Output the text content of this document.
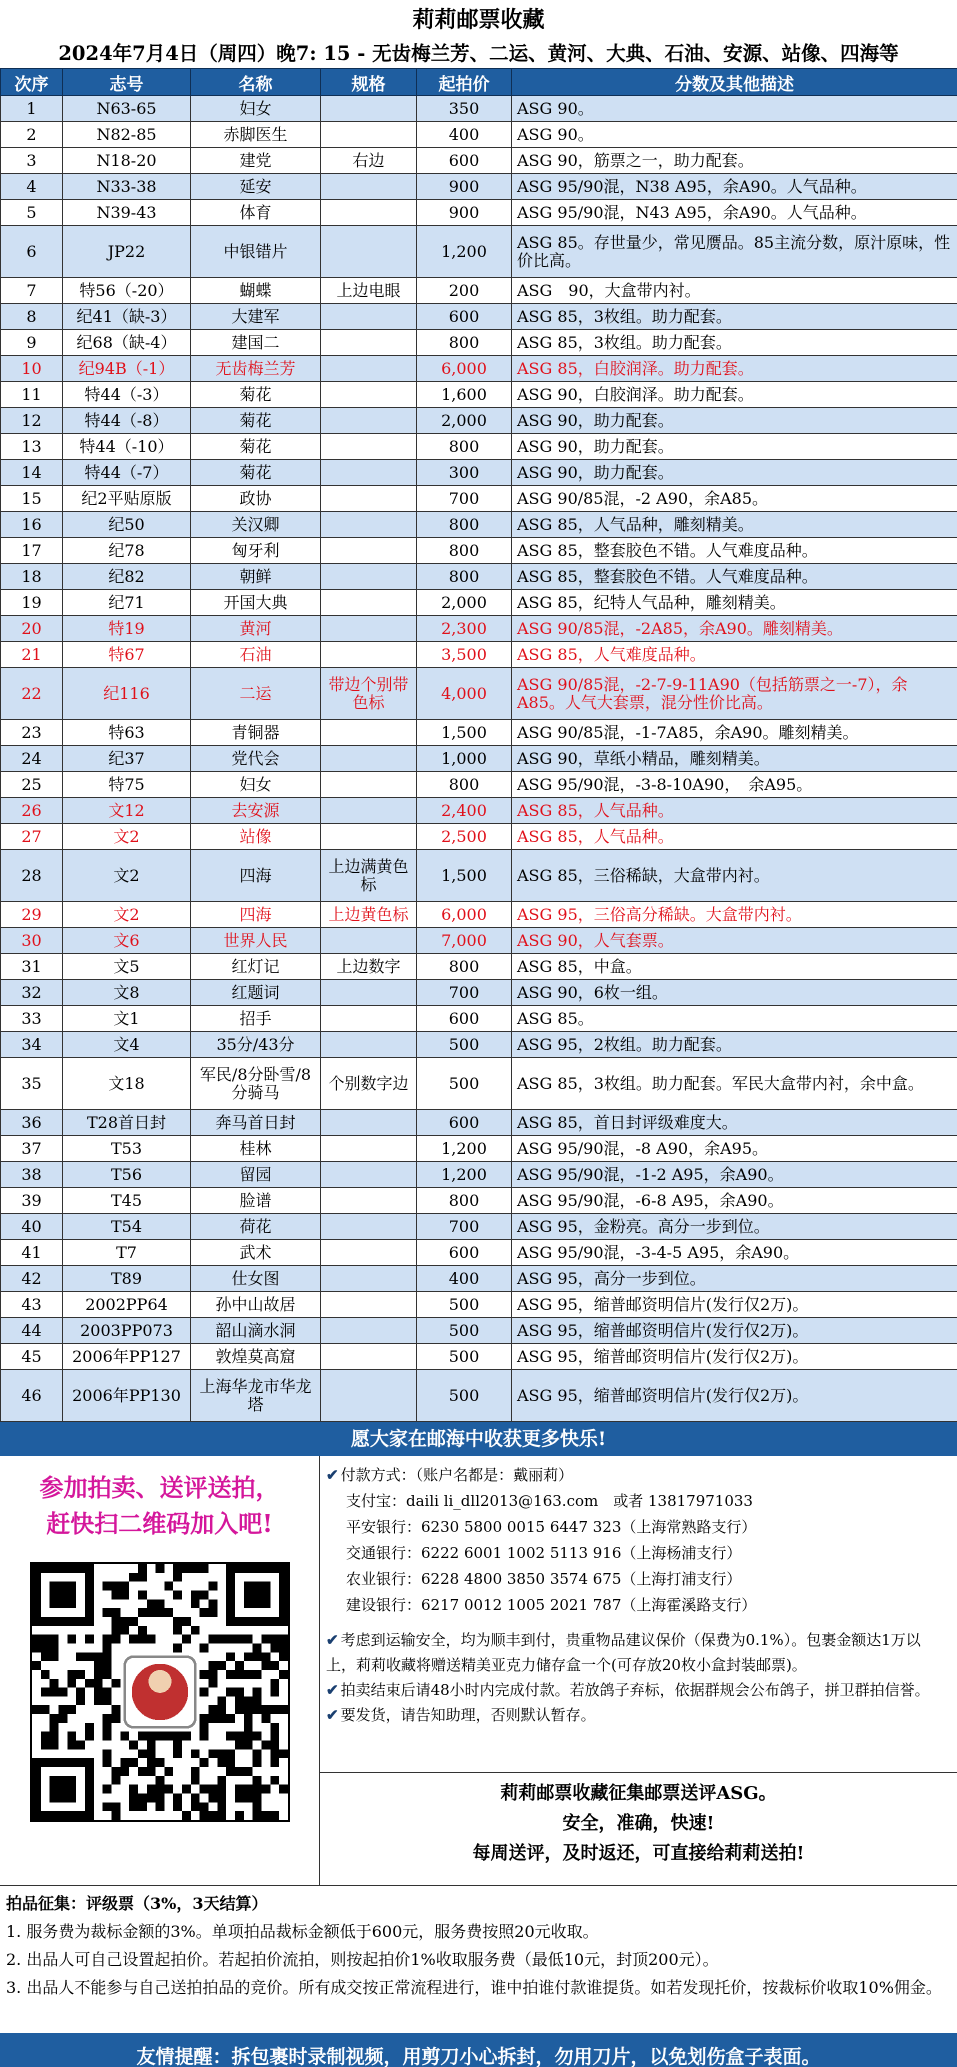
莉莉邮票收藏
2024年7月4日（周四）晚7: 15 - 无齿梅兰芳、二运、黄河、大典、石油、安源、站像、四海等
次序	志号	名称	规格	起拍价	分数及其他描述
1	N63-65	妇女		350	ASG 90。
2	N82-85	赤脚医生		400	ASG 90。
3	N18-20	建党	右边	600	ASG 90，筋票之一，助力配套。
4	N33-38	延安		900	ASG 95/90混，N38 A95，余A90。人气品种。
5	N39-43	体育		900	ASG 95/90混，N43 A95，余A90。人气品种。
6	JP22	中银错片		1,200	ASG 85。存世量少，常见赝品。85主流分数，原汁原味，性价比高。
7	特56（-20）	蝴蝶	上边电眼	200	ASG　90，大盒带内衬。
8	纪41（缺-3）	大建军		600	ASG 85，3枚组。助力配套。
9	纪68（缺-4）	建国二		800	ASG 85，3枚组。助力配套。
10	纪94B（-1）	无齿梅兰芳		6,000	ASG 85，白胶润泽。助力配套。
11	特44（-3）	菊花		1,600	ASG 90，白胶润泽。助力配套。
12	特44（-8）	菊花		2,000	ASG 90，助力配套。
13	特44（-10）	菊花		800	ASG 90，助力配套。
14	特44（-7）	菊花		300	ASG 90，助力配套。
15	纪2平贴原版	政协		700	ASG 90/85混，-2 A90，余A85。
16	纪50	关汉卿		800	ASG 85，人气品种，雕刻精美。
17	纪78	匈牙利		800	ASG 85，整套胶色不错。人气难度品种。
18	纪82	朝鲜		800	ASG 85，整套胶色不错。人气难度品种。
19	纪71	开国大典		2,000	ASG 85，纪特人气品种，雕刻精美。
20	特19	黄河		2,300	ASG 90/85混，-2A85，余A90。雕刻精美。
21	特67	石油		3,500	ASG 85，人气难度品种。
22	纪116	二运	带边个别带色标	4,000	ASG 90/85混，-2-7-9-11A90（包括筋票之一-7），余A85。人气大套票，混分性价比高。
23	特63	青铜器		1,500	ASG 90/85混，-1-7A85，余A90。雕刻精美。
24	纪37	党代会		1,000	ASG 90，草纸小精品，雕刻精美。
25	特75	妇女		800	ASG 95/90混，-3-8-10A90，　余A95。
26	文12	去安源		2,400	ASG 85，人气品种。
27	文2	站像		2,500	ASG 85，人气品种。
28	文2	四海	上边满黄色标	1,500	ASG 85，三俗稀缺，大盒带内衬。
29	文2	四海	上边黄色标	6,000	ASG 95，三俗高分稀缺。大盒带内衬。
30	文6	世界人民		7,000	ASG 90，人气套票。
31	文5	红灯记	上边数字	800	ASG 85，中盒。
32	文8	红题词		700	ASG 90，6枚一组。
33	文1	招手		600	ASG 85。
34	文4	35分/43分		500	ASG 95，2枚组。助力配套。
35	文18	军民/8分卧雪/8分骑马	个别数字边	500	ASG 85，3枚组。助力配套。军民大盒带内衬，余中盒。
36	T28首日封	奔马首日封		600	ASG 85，首日封评级难度大。
37	T53	桂林		1,200	ASG 95/90混，-8 A90，余A95。
38	T56	留园		1,200	ASG 95/90混，-1-2 A95，余A90。
39	T45	脸谱		800	ASG 95/90混，-6-8 A95，余A90。
40	T54	荷花		700	ASG 95，金粉亮。高分一步到位。
41	T7	武术		600	ASG 95/90混，-3-4-5 A95，余A90。
42	T89	仕女图		400	ASG 95，高分一步到位。
43	2002PP64	孙中山故居		500	ASG 95，缩普邮资明信片(发行仅2万)。
44	2003PP073	韶山滴水洞		500	ASG 95，缩普邮资明信片(发行仅2万)。
45	2006年PP127	敦煌莫高窟		500	ASG 95，缩普邮资明信片(发行仅2万)。
46	2006年PP130	上海华龙市华龙塔		500	ASG 95，缩普邮资明信片(发行仅2万)。
愿大家在邮海中收获更多快乐!
参加拍卖、送评送拍，
赶快扫二维码加入吧!
✔ 付款方式：（账户名都是：戴丽莉）
支付宝：daili li_dll2013@163.com　或者 13817971033
平安银行：6230 5800 0015 6447 323（上海常熟路支行）
交通银行：6222 6001 1002 5113 916（上海杨浦支行）
农业银行：6228 4800 3850 3574 675（上海打浦支行）
建设银行：6217 0012 1005 2021 787（上海霍溪路支行）

✔ 考虑到运输安全，均为顺丰到付，贵重物品建议保价（保费为0.1%）。包裹金额达1万以上，莉莉收藏将赠送精美亚克力储存盒一个(可存放20枚小盒封装邮票)。

✔ 拍卖结束后请48小时内完成付款。若放鸽子弃标，依据群规会公布鸽子，拼卫群拍信誉。

✔ 要发货，请告知助理，否则默认暂存。

莉莉邮票收藏征集邮票送评ASG。
安全，准确，快速!
每周送评，及时返还，可直接给莉莉送拍!
拍品征集：评级票（3%，3天结算）
1. 服务费为裁标金额的3%。单项拍品裁标金额低于600元，服务费按照20元收取。
2. 出品人可自己设置起拍价。若起拍价流拍，则按起拍价1%收取服务费（最低10元，封顶200元）。
3. 出品人不能参与自己送拍拍品的竞价。所有成交按正常流程进行，谁中拍谁付款谁提货。如若发现托价，按裁标价收取10%佣金。
友情提醒：拆包裹时录制视频，用剪刀小心拆封，勿用刀片，以免划伤盒子表面。
